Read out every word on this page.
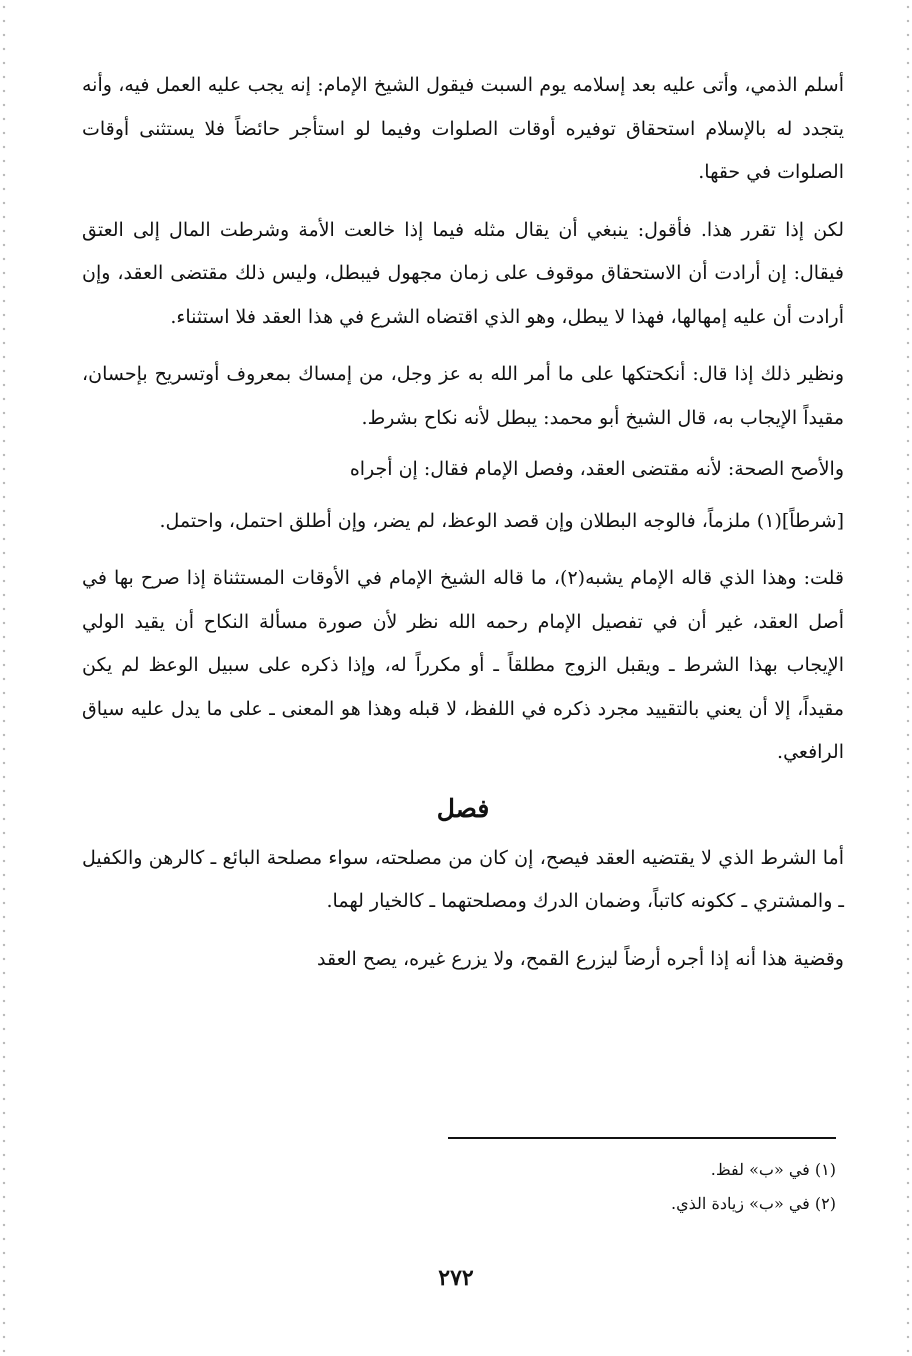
أسلم الذمي، وأتى عليه بعد إسلامه يوم السبت فيقول الشيخ الإمام: إنه يجب عليه العمل فيه، وأنه يتجدد له بالإسلام استحقاق توفيره أوقات الصلوات وفيما لو استأجر حائضاً فلا يستثنى أوقات الصلوات في حقها.

لكن إذا تقرر هذا. فأقول: ينبغي أن يقال مثله فيما إذا خالعت الأمة وشرطت المال إلى العتق فيقال: إن أرادت أن الاستحقاق موقوف على زمان مجهول فيبطل، وليس ذلك مقتضى العقد، وإن أرادت أن عليه إمهالها، فهذا لا يبطل، وهو الذي اقتضاه الشرع في هذا العقد فلا استثناء.

ونظير ذلك إذا قال: أنكحتكها على ما أمر الله به عز وجل، من إمساك بمعروف أوتسريح بإحسان، مقيداً الإيجاب به، قال الشيخ أبو محمد: يبطل لأنه نكاح بشرط.

والأصح الصحة: لأنه مقتضى العقد، وفصل الإمام فقال: إن أجراه

[شرطاً](١) ملزماً، فالوجه البطلان وإن قصد الوعظ، لم يضر، وإن أطلق احتمل، واحتمل.

قلت: وهذا الذي قاله الإمام يشبه(٢)، ما قاله الشيخ الإمام في الأوقات المستثناة إذا صرح بها في أصل العقد، غير أن في تفصيل الإمام رحمه الله نظر لأن صورة مسألة النكاح أن يقيد الولي الإيجاب بهذا الشرط ـ ويقبل الزوج مطلقاً ـ أو مكرراً له، وإذا ذكره على سبيل الوعظ لم يكن مقيداً، إلا أن يعني بالتقييد مجرد ذكره في اللفظ، لا قبله وهذا هو المعنى ـ على ما يدل عليه سياق الرافعي.

فصل

أما الشرط الذي لا يقتضيه العقد فيصح، إن كان من مصلحته، سواء مصلحة البائع ـ كالرهن والكفيل ـ والمشتري ـ ككونه كاتباً، وضمان الدرك ومصلحتهما ـ كالخيار لهما.

وقضية هذا أنه إذا أجره أرضاً ليزرع القمح، ولا يزرع غيره، يصح العقد

(١) في «ب» لفظ.

(٢) في «ب» زيادة الذي.

٢٧٢
